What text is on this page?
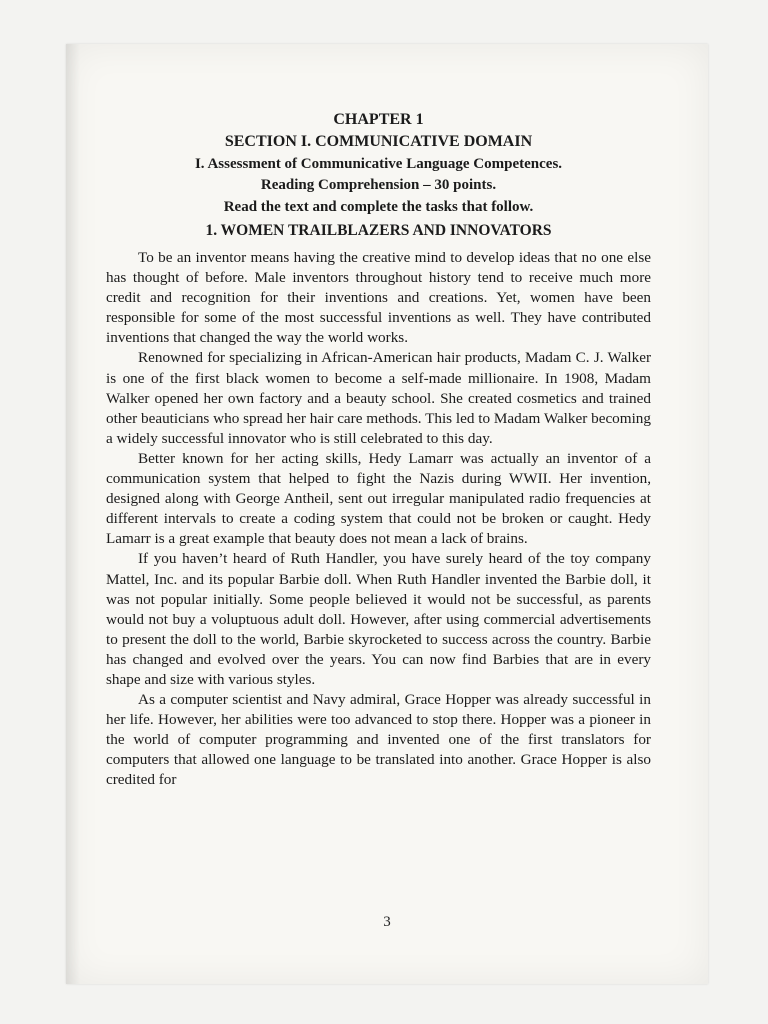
CHAPTER 1

SECTION I. COMMUNICATIVE DOMAIN

I. Assessment of Communicative Language Competences.

Reading Comprehension – 30 points.

Read the text and complete the tasks that follow.

1. WOMEN TRAILBLAZERS AND INNOVATORS

To be an inventor means having the creative mind to develop ideas that no one else has thought of before. Male inventors throughout history tend to receive much more credit and recognition for their inventions and creations. Yet, women have been responsible for some of the most successful inventions as well. They have contributed inventions that changed the way the world works.

Renowned for specializing in African-American hair products, Madam C. J. Walker is one of the first black women to become a self-made millionaire. In 1908, Madam Walker opened her own factory and a beauty school. She created cosmetics and trained other beauticians who spread her hair care methods. This led to Madam Walker becoming a widely successful innovator who is still celebrated to this day.

Better known for her acting skills, Hedy Lamarr was actually an inventor of a communication system that helped to fight the Nazis during WWII. Her invention, designed along with George Antheil, sent out irregular manipulated radio frequencies at different intervals to create a coding system that could not be broken or caught. Hedy Lamarr is a great example that beauty does not mean a lack of brains.

If you haven’t heard of Ruth Handler, you have surely heard of the toy company Mattel, Inc. and its popular Barbie doll. When Ruth Handler invented the Barbie doll, it was not popular initially. Some people believed it would not be successful, as parents would not buy a voluptuous adult doll. However, after using commercial advertisements to present the doll to the world, Barbie skyrocketed to success across the country. Barbie has changed and evolved over the years. You can now find Barbies that are in every shape and size with various styles.

As a computer scientist and Navy admiral, Grace Hopper was already successful in her life. However, her abilities were too advanced to stop there. Hopper was a pioneer in the world of computer programming and invented one of the first translators for computers that allowed one language to be translated into another. Grace Hopper is also credited for

3
